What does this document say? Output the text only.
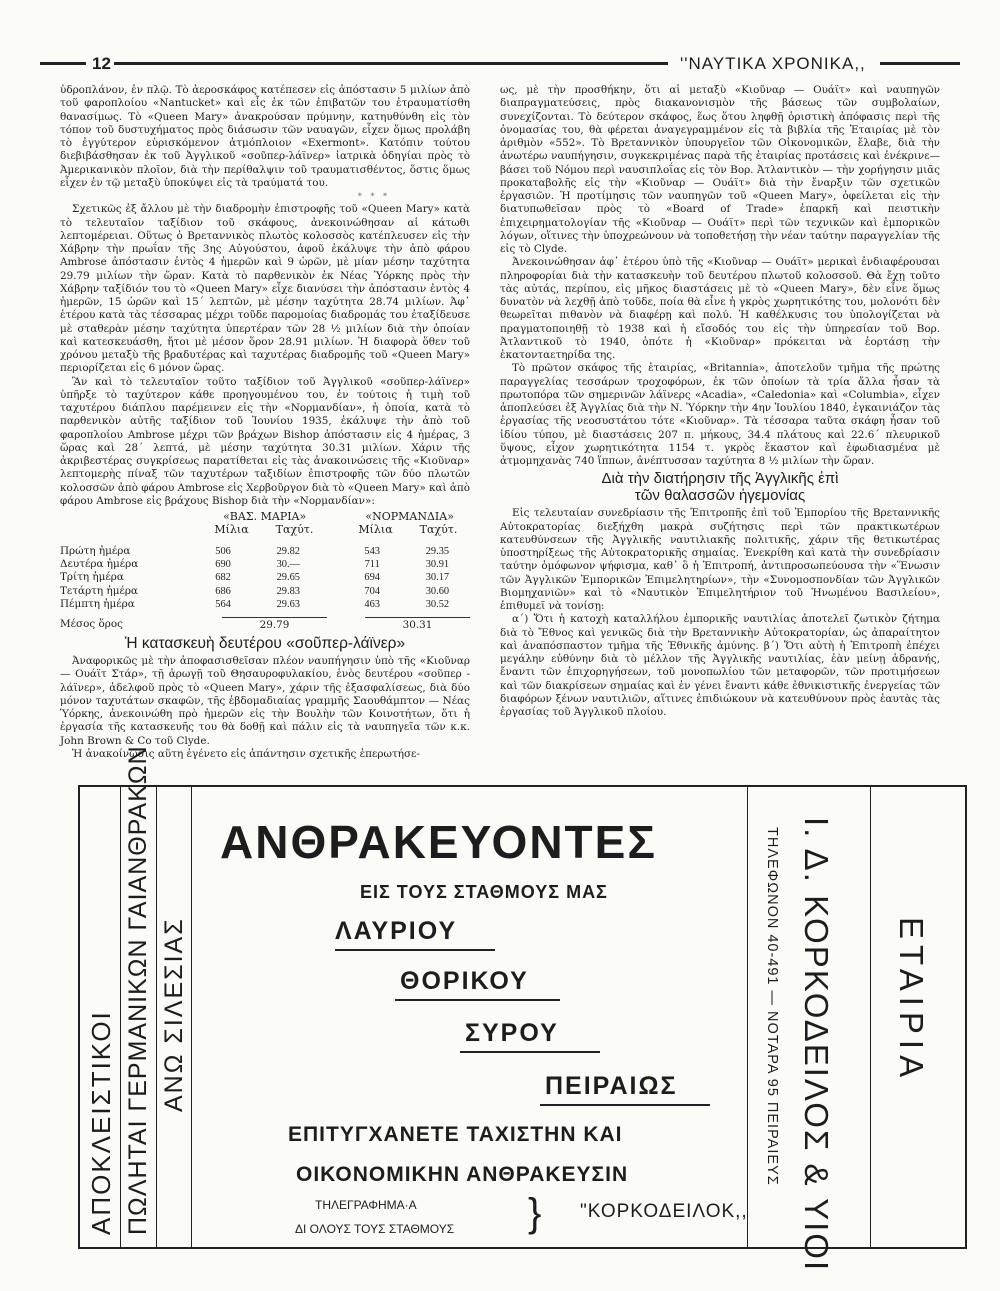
12	''ΝΑΥΤΙΚΑ ΧΡΟΝΙΚΑ,,

ὑδροπλάνον, ἐν πλῷ. Τὸ ἀεροσκάφος κατέπεσεν εἰς ἀπόστασιν 5 μιλίων ἀπὸ τοῦ φαροπλοίου «Nantucket» καὶ εἷς ἐκ τῶν ἐπιβατῶν του ἐτραυματίσθη θανασίμως. Τὸ «Queen Mary» ἀνακρούσαν πρύμνην, κατηυθύνθη εἰς τὸν τόπον τοῦ δυστυχήματος πρὸς διάσωσιν τῶν ναυαγῶν, εἶχεν ὅμως προλάβη τὸ ἐγγύτερον εὑρισκόμενον ἀτμόπλοιον «Exermont». Κατόπιν τούτου διεβιβάσθησαν ἐκ τοῦ Ἀγγλικοῦ «σοῦπερ-λάϊνερ» ἰατρικὰ ὁδηγίαι πρὸς τὸ Ἀμερικανικὸν πλοῖον, διὰ τὴν περίθαλψιν τοῦ τραυματισθέντος, ὅστις ὅμως εἶχεν ἐν τῷ μεταξὺ ὑποκύψει εἰς τὰ τραύματά του.

* * *

Σχετικῶς ἐξ ἄλλου μὲ τὴν διαδρομὴν ἐπιστροφῆς τοῦ «Queen Mary» κατὰ τὸ τελευταῖον ταξίδιον τοῦ σκάφους, ἀνεκοινώθησαν αἱ κάτωθι λεπτομέρειαι. Οὕτως ὁ Βρεταννικὸς πλωτὸς κολοσσὸς κατέπλευσεν εἰς τὴν Χάβρην τὴν πρωΐαν τῆς 3ης Αὐγούστου, ἀφοῦ ἐκάλυψε τὴν ἀπὸ φάρου Ambrose ἀπόστασιν ἐντὸς 4 ἡμερῶν καὶ 9 ὡρῶν, μὲ μίαν μέσην ταχύτητα 29.79 μιλίων τὴν ὥραν. Κατὰ τὸ παρθενικὸν ἐκ Νέας Ὑόρκης πρὸς τὴν Χάβρην ταξίδιόν του τὸ «Queen Mary» εἶχε διανύσει τὴν ἀπόστασιν ἐντὸς 4 ἡμερῶν, 15 ὡρῶν καὶ 15´ λεπτῶν, μὲ μέσην ταχύτητα 28.74 μιλίων. Ἀφ᾽ ἑτέρου κατὰ τὰς τέσσαρας μέχρι τοῦδε παρομοίας διαδρομάς του ἐταξίδευσε μὲ σταθερὰν μέσην ταχύτητα ὑπερτέραν τῶν 28 ½ μιλίων διὰ τὴν ὁποίαν καὶ κατεσκευάσθη, ἤτοι μὲ μέσον ὅρον 28.91 μιλίων. Ἡ διαφορὰ ὅθεν τοῦ χρόνου μεταξὺ τῆς βραδυτέρας καὶ ταχυτέρας διαδρομῆς τοῦ «Queen Mary» περιορίζεται εἰς 6 μόνον ὥρας.

Ἂν καὶ τὸ τελευταῖον τοῦτο ταξίδιον τοῦ Ἀγγλικοῦ «σοῦπερ-λάϊνερ» ὑπῆρξε τὸ ταχύτερον κάθε προηγουμένου του, ἐν τούτοις ἡ τιμὴ τοῦ ταχυτέρου διάπλου παρέμεινεν εἰς τὴν «Νορμανδίαν», ἡ ὁποία, κατὰ τὸ παρθενικὸν αὐτῆς ταξίδιον τοῦ Ἰουνίου 1935, ἐκάλυψε τὴν ἀπὸ τοῦ φαροπλοίου Ambrose μέχρι τῶν βράχων Bishop ἀπόστασιν εἰς 4 ἡμέρας, 3 ὥρας καὶ 28´ λεπτά, μὲ μέσην ταχύτητα 30.31 μιλίων. Χάριν τῆς ἀκριβεστέρας συγκρίσεως παρατίθεται εἰς τὰς ἀνακοινώσεις τῆς «Κιοῦναρ» λεπτομερὴς πίναξ τῶν ταχυτέρων ταξιδίων ἐπιστροφῆς τῶν δύο πλωτῶν κολοσσῶν ἀπὸ φάρου Ambrose εἰς Χερβοῦργον διὰ τὸ «Queen Mary» καὶ ἀπὸ φάρου Ambrose εἰς βράχους Bishop διὰ τὴν «Νορμανδίαν»:

«ΒΑΣ. ΜΑΡΙΑ»	«ΝΟΡΜΑΝΔΙΑ»
Μίλια	Ταχύτ.	Μίλια	Ταχύτ.
Πρώτη ἡμέρα	506	29.82	543	29.35
Δευτέρα ἡμέρα	690	30.—	711	30.91
Τρίτη ἡμέρα	682	29.65	694	30.17
Τετάρτη ἡμέρα	686	29.83	704	30.60
Πέμπτη ἡμέρα	564	29.63	463	30.52
Μέσος ὅρος	29.79	30.31
Ἡ κατασκευὴ δευτέρου «σοῦπερ-λάϊνερ»

Ἀναφορικῶς μὲ τὴν ἀποφασισθεῖσαν πλέον ναυπήγησιν ὑπὸ τῆς «Κιοῦναρ — Ουάϊτ Στάρ», τῇ ἀρωγῇ τοῦ Θησαυροφυλακίου, ἑνὸς δευτέρου «σοῦπερ - λάϊνερ», ἀδελφοῦ πρὸς τὸ «Queen Mary», χάριν τῆς ἐξασφαλίσεως, διὰ δύο μόνον ταχυτάτων σκαφῶν, τῆς ἑβδομαδιαίας γραμμῆς Σαουθάμπτον — Νέας Ὑόρκης, ἀνεκοινώθη πρὸ ἡμερῶν εἰς τὴν Βουλὴν τῶν Κοινοτήτων, ὅτι ἡ ἐργασία τῆς κατασκευῆς του θὰ δοθῇ καὶ πάλιν εἰς τὰ ναυπηγεῖα τῶν κ.κ. John Brown & Co τοῦ Clyde.

Ἡ ἀνακοίνωσις αὕτη ἐγένετο εἰς ἀπάντησιν σχετικῆς ἐπερωτήσε-

ως, μὲ τὴν προσθήκην, ὅτι αἱ μεταξὺ «Κιοῦναρ — Ουάϊτ» καὶ ναυπηγῶν διαπραγματεύσεις, πρὸς διακανονισμὸν τῆς βάσεως τῶν συμβολαίων, συνεχίζονται. Τὸ δεύτερον σκάφος, ἕως ὅτου ληφθῇ ὁριστικὴ ἀπόφασις περὶ τῆς ὀνομασίας του, θὰ φέρεται ἀναγεγραμμένον εἰς τὰ βιβλία τῆς Ἑταιρίας μὲ τὸν ἀριθμὸν «552». Τὸ Βρεταννικὸν ὑπουργεῖον τῶν Οἰκονομικῶν, ἔλαβε, διὰ τὴν ἀνωτέρω ναυπήγησιν, συγκεκριμένας παρὰ τῆς ἑταιρίας προτάσεις καὶ ἐνέκρινε— βάσει τοῦ Νόμου περὶ ναυσιπλοΐας εἰς τὸν Βορ. Ἀτλαντικὸν — τὴν χορήγησιν μιᾶς προκαταβολῆς εἰς τὴν «Κιοῦναρ — Ουάϊτ» διὰ τὴν ἔναρξιν τῶν σχετικῶν ἐργασιῶν. Ἡ προτίμησις τῶν ναυπηγῶν τοῦ «Queen Mary», ὀφείλεται εἰς τὴν διατυπωθεῖσαν πρὸς τὸ «Board of Trade» ἐπαρκῆ καὶ πειστικὴν ἐπιχειρηματολογίαν τῆς «Κιοῦναρ — Ουάϊτ» περὶ τῶν τεχνικῶν καὶ ἐμπορικῶν λόγων, οἵτινες τὴν ὑποχρεώνουν νὰ τοποθετήσῃ τὴν νέαν ταύτην παραγγελίαν τῆς εἰς τὸ Clyde.

Ἀνεκοινώθησαν ἀφ᾽ ἑτέρου ὑπὸ τῆς «Κιοῦναρ — Ουάϊτ» μερικαὶ ἐνδιαφέρουσαι πληροφορίαι διὰ τὴν κατασκευὴν τοῦ δευτέρου πλωτοῦ κολοσσοῦ. Θὰ ἔχῃ τοῦτο τὰς αὐτάς, περίπου, εἰς μῆκος διαστάσεις μὲ τὸ «Queen Mary», δὲν εἶνε ὅμως δυνατὸν νὰ λεχθῇ ἀπὸ τοῦδε, ποία θὰ εἶνε ἡ γκρὸς χωρητικότης του, μολονότι δὲν θεωρεῖται πιθανὸν νὰ διαφέρῃ καὶ πολύ. Ἡ καθέλκυσις του ὑπολογίζεται νὰ πραγματοποιηθῇ τὸ 1938 καὶ ἡ εἴσοδός του εἰς τὴν ὑπηρεσίαν τοῦ Βορ. Ἀτλαντικοῦ τὸ 1940, ὁπότε ἡ «Κιοῦναρ» πρόκειται νὰ ἑορτάσῃ τὴν ἑκατονταετηρίδα της.

Τὸ πρῶτον σκάφος τῆς ἑταιρίας, «Britannia», ἀποτελοῦν τμῆμα τῆς πρώτης παραγγελίας τεσσάρων τροχοφόρων, ἐκ τῶν ὁποίων τὰ τρία ἄλλα ἦσαν τὰ πρωτοπόρα τῶν σημερινῶν λάϊνερς «Acadia», «Caledonia» καὶ «Columbia», εἶχεν ἀποπλεύσει ἐξ Ἀγγλίας διὰ τὴν Ν. Ὑόρκην τὴν 4ην Ἰουλίου 1840, ἐγκαινιάζον τὰς ἐργασίας τῆς νεοσυστάτου τότε «Κιοῦναρ». Τὰ τέσσαρα ταῦτα σκάφη ἦσαν τοῦ ἰδίου τύπου, μὲ διαστάσεις 207 π. μήκους, 34.4 πλάτους καὶ 22.6´ πλευρικοῦ ὕψους, εἶχον χωρητικότητα 1154 τ. γκρὸς ἕκαστον καὶ ἐφωδιασμένα μὲ ἀτμομηχανὰς 740 ἵππων, ἀνέπτυσσαν ταχύτητα 8 ½ μιλίων τὴν ὥραν.

Διὰ τὴν διατήρησιν τῆς Ἀγγλικῆς ἐπὶ
τῶν θαλασσῶν ἡγεμονίας

Εἰς τελευταίαν συνεδρίασιν τῆς Ἐπιτροπῆς ἐπὶ τοῦ Ἐμπορίου τῆς Βρεταννικῆς Αὐτοκρατορίας διεξήχθη μακρὰ συζήτησις περὶ τῶν πρακτικωτέρων κατευθύνσεων τῆς Ἀγγλικῆς ναυτιλιακῆς πολιτικῆς, χάριν τῆς θετικωτέρας ὑποστηρίξεως τῆς Αὐτοκρατορικῆς σημαίας. Ἐνεκρίθη καὶ κατὰ τὴν συνεδρίασιν ταύτην ὁμόφωνον ψήφισμα, καθ᾽ ὃ ἡ Ἐπιτροπή, ἀντιπροσωπεύουσα τὴν «Ἕνωσιν τῶν Ἀγγλικῶν Ἐμπορικῶν Ἐπιμελητηρίων», τὴν «Συνομοσπονδίαν τῶν Ἀγγλικῶν Βιομηχανιῶν» καὶ τὸ «Ναυτικὸν Ἐπιμελητήριον τοῦ Ἡνωμένου Βασιλείου», ἐπιθυμεῖ νὰ τονίσῃ:

α´) Ὅτι ἡ κατοχὴ καταλλήλου ἐμπορικῆς ναυτιλίας ἀποτελεῖ ζωτικὸν ζήτημα διὰ τὸ Ἔθνος καὶ γενικῶς διὰ τὴν Βρεταννικὴν Αὐτοκρατορίαν, ὡς ἀπαραίτητον καὶ ἀναπόσπαστον τμῆμα τῆς Ἐθνικῆς ἀμύνης. β´) Ὅτι αὐτὴ ἡ Ἐπιτροπὴ ἐπέχει μεγάλην εὐθύνην διὰ τὸ μέλλον τῆς Ἀγγλικῆς ναυτιλίας, ἐὰν μείνῃ ἀδρανής, ἔναντι τῶν ἐπιχορηγήσεων, τοῦ μονοπωλίου τῶν μεταφορῶν, τῶν προτιμήσεων καὶ τῶν διακρίσεων σημαίας καὶ ἐν γένει ἔναντι κάθε ἐθνικιστικῆς ἐνεργείας τῶν διαφόρων ξένων ναυτιλιῶν, αἵτινες ἐπιδιώκουν νὰ κατευθύνουν πρὸς ἑαυτὰς τὰς ἐργασίας τοῦ Ἀγγλικοῦ πλοίου.

ΑΠΟΚΛΕΙΣΤΙΚΟΙ ΠΩΛΗΤΑΙ ΓΕΡΜΑΝΙΚΩΝ ΓΑΙΑΝΘΡΑΚΩΝ ΑΝΩ ΣΙΛΕΣΙΑΣ
ΑΝΘΡΑΚΕΥΟΝΤΕΣ
ΕΙΣ ΤΟΥΣ ΣΤΑΘΜΟΥΣ ΜΑΣ
ΛΑΥΡΙΟΥ
ΘΟΡΙΚΟΥ
ΣΥΡΟΥ
ΠΕΙΡΑΙΩΣ
ΕΠΙΤΥΓΧΑΝΕΤΕ ΤΑΧΙΣΤΗΝ ΚΑΙ
ΟΙΚΟΝΟΜΙΚΗΝ ΑΝΘΡΑΚΕΥΣΙΝ
ΤΗΛΕΓΡΑΦΗΜΑ·Α
ΔΙ ΟΛΟΥΣ ΤΟΥΣ ΣΤΑΘΜΟΥΣ } "ΚΟΡΚΟΔΕΙΛΟΚ,,
ΤΗΛΕΦΩΝΟΝ 40-491 — ΝΟΤΑΡΑ 95 ΠΕΙΡΑΙΕΥΣ Ι. Δ. ΚΟΡΚΟΔΕΙΛΟΣ & ΥΙΟΙ ΕΤΑΙΡΙΑ
